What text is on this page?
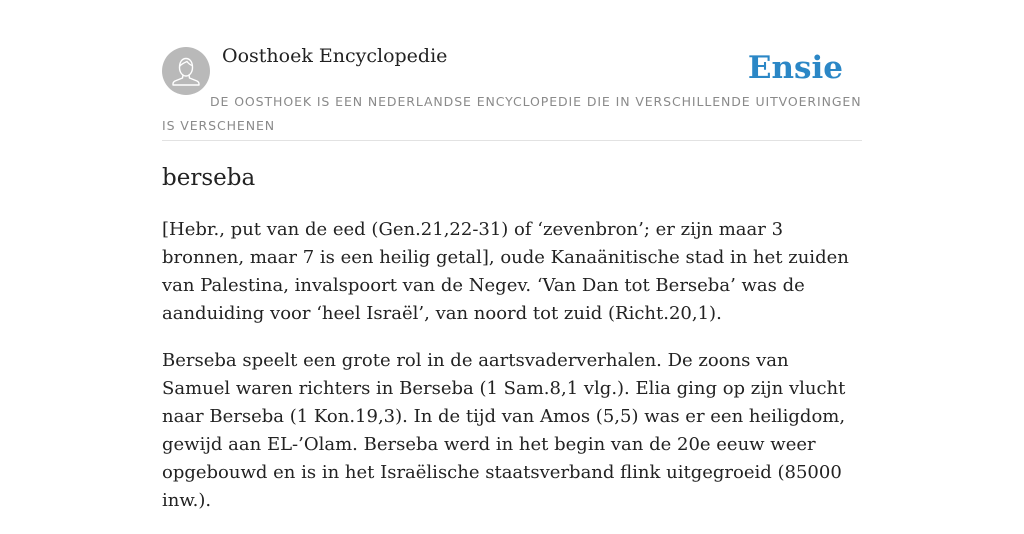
Oosthoek Encyclopedie	Ensie
DE OOSTHOEK IS EEN NEDERLANDSE ENCYCLOPEDIE DIE IN VERSCHILLENDE UITVOERINGEN IS VERSCHENEN
berseba

[Hebr., put van de eed (Gen.21,22-31) of ‘zevenbron’; er zijn maar 3 bronnen, maar 7 is een heilig getal], oude Kanaänitische stad in het zuiden van Palestina, invalspoort van de Negev. ‘Van Dan tot Berseba’ was de aanduiding voor ‘heel Israël’, van noord tot zuid (Richt.20,1).

Berseba speelt een grote rol in de aartsvaderverhalen. De zoons van Samuel waren richters in Berseba (1 Sam.8,1 vlg.). Elia ging op zijn vlucht naar Berseba (1 Kon.19,3). In de tijd van Amos (5,5) was er een heiligdom, gewijd aan EL-’Olam. Berseba werd in het begin van de 20e eeuw weer opgebouwd en is in het Israëlische staatsverband flink uitgegroeid (85000 inw.).
